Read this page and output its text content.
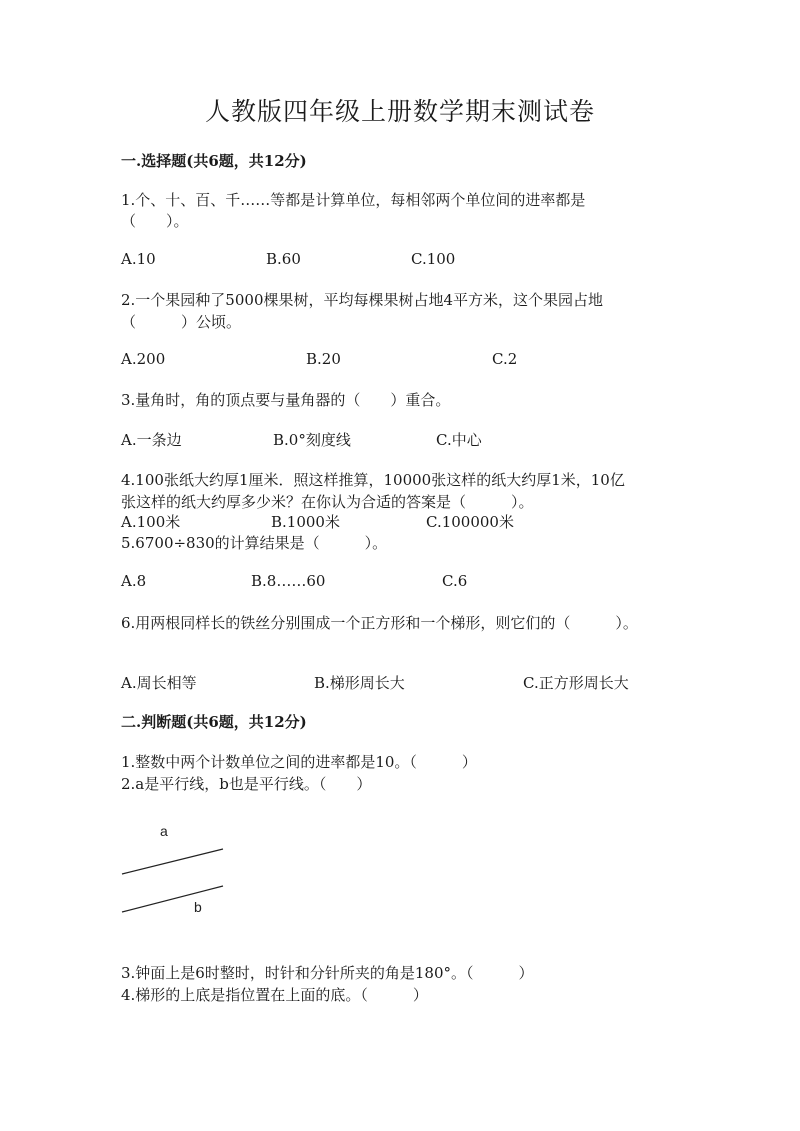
人教版四年级上册数学期末测试卷
一.选择题(共6题，共12分)
1.个、十、百、千……等都是计算单位，每相邻两个单位间的进率都是
（　　）。
A.10	B.60	C.100
2.一个果园种了5000棵果树，平均每棵果树占地4平方米，这个果园占地
（　　　）公顷。
A.200	B.20	C.2
3.量角时，角的顶点要与量角器的（　　）重合。
A.一条边	B.0°刻度线	C.中心
4.100张纸大约厚1厘米．照这样推算，10000张这样的纸大约厚1米，10亿
张这样的纸大约厚多少米？在你认为合适的答案是（　　　）。
A.100米	B.1000米	C.100000米
5.6700÷830的计算结果是（　　　）。
A.8	B.8……60	C.6
6.用两根同样长的铁丝分别围成一个正方形和一个梯形，则它们的（　　　）。
A.周长相等	B.梯形周长大	C.正方形周长大
二.判断题(共6题，共12分)
1.整数中两个计数单位之间的进率都是10。（　　　）
2.a是平行线，b也是平行线。（　　）
a
b
3.钟面上是6时整时，时针和分针所夹的角是180°。（　　　）
4.梯形的上底是指位置在上面的底。（　　　）
